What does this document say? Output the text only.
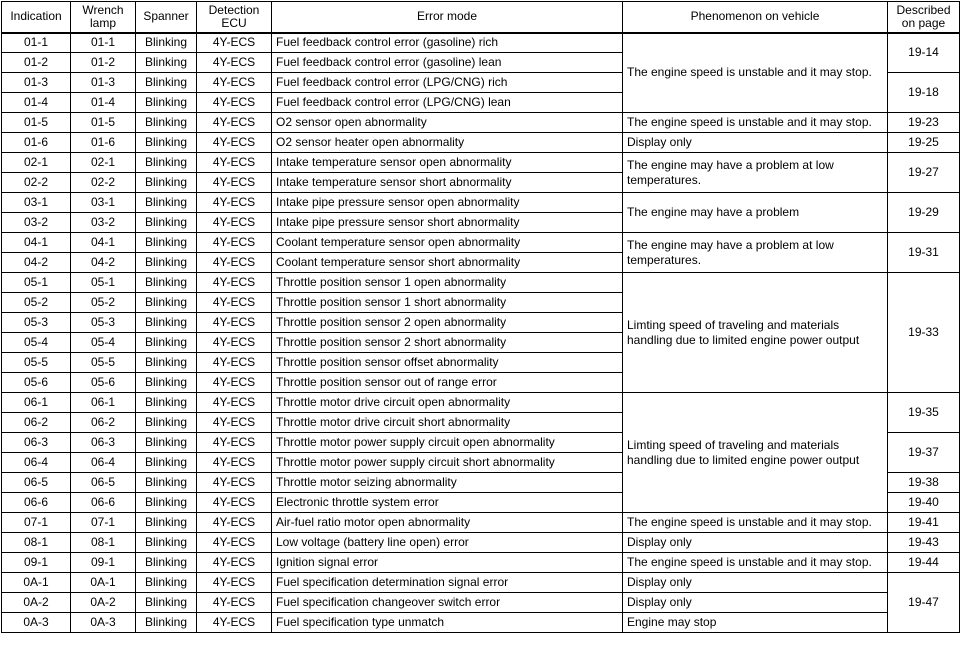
Indication	Wrench lamp	Spanner	Detection ECU	Error mode	Phenomenon on vehicle	Described on page
01-1	01-1	Blinking	4Y-ECS	Fuel feedback control error (gasoline) rich	The engine speed is unstable and it may stop.	19-14
01-2	01-2	Blinking	4Y-ECS	Fuel feedback control error (gasoline) lean		
01-3	01-3	Blinking	4Y-ECS	Fuel feedback control error (LPG/CNG) rich		19-18
01-4	01-4	Blinking	4Y-ECS	Fuel feedback control error (LPG/CNG) lean		
01-5	01-5	Blinking	4Y-ECS	O2 sensor open abnormality	The engine speed is unstable and it may stop.	19-23
01-6	01-6	Blinking	4Y-ECS	O2 sensor heater open abnormality	Display only	19-25
02-1	02-1	Blinking	4Y-ECS	Intake temperature sensor open abnormality	The engine may have a problem at low temperatures.	19-27
02-2	02-2	Blinking	4Y-ECS	Intake temperature sensor short abnormality		
03-1	03-1	Blinking	4Y-ECS	Intake pipe pressure sensor open abnormality	The engine may have a problem	19-29
03-2	03-2	Blinking	4Y-ECS	Intake pipe pressure sensor short abnormality		
04-1	04-1	Blinking	4Y-ECS	Coolant temperature sensor open abnormality	The engine may have a problem at low temperatures.	19-31
04-2	04-2	Blinking	4Y-ECS	Coolant temperature sensor short abnormality		
05-1	05-1	Blinking	4Y-ECS	Throttle position sensor 1 open abnormality	Limting speed of traveling and materials handling due to limited engine power output	19-33
05-2	05-2	Blinking	4Y-ECS	Throttle position sensor 1 short abnormality		
05-3	05-3	Blinking	4Y-ECS	Throttle position sensor 2 open abnormality		
05-4	05-4	Blinking	4Y-ECS	Throttle position sensor 2 short abnormality		
05-5	05-5	Blinking	4Y-ECS	Throttle position sensor offset abnormality		
05-6	05-6	Blinking	4Y-ECS	Throttle position sensor out of range error		
06-1	06-1	Blinking	4Y-ECS	Throttle motor drive circuit open abnormality	Limting speed of traveling and materials handling due to limited engine power output	19-35
06-2	06-2	Blinking	4Y-ECS	Throttle motor drive circuit short abnormality		
06-3	06-3	Blinking	4Y-ECS	Throttle motor power supply circuit open abnormality		19-37
06-4	06-4	Blinking	4Y-ECS	Throttle motor power supply circuit short abnormality		
06-5	06-5	Blinking	4Y-ECS	Throttle motor seizing abnormality		19-38
06-6	06-6	Blinking	4Y-ECS	Electronic throttle system error		19-40
07-1	07-1	Blinking	4Y-ECS	Air-fuel ratio motor open abnormality	The engine speed is unstable and it may stop.	19-41
08-1	08-1	Blinking	4Y-ECS	Low voltage (battery line open) error	Display only	19-43
09-1	09-1	Blinking	4Y-ECS	Ignition signal error	The engine speed is unstable and it may stop.	19-44
0A-1	0A-1	Blinking	4Y-ECS	Fuel specification determination signal error	Display only	19-47
0A-2	0A-2	Blinking	4Y-ECS	Fuel specification changeover switch error	Display only	
0A-3	0A-3	Blinking	4Y-ECS	Fuel specification type unmatch	Engine may stop	
